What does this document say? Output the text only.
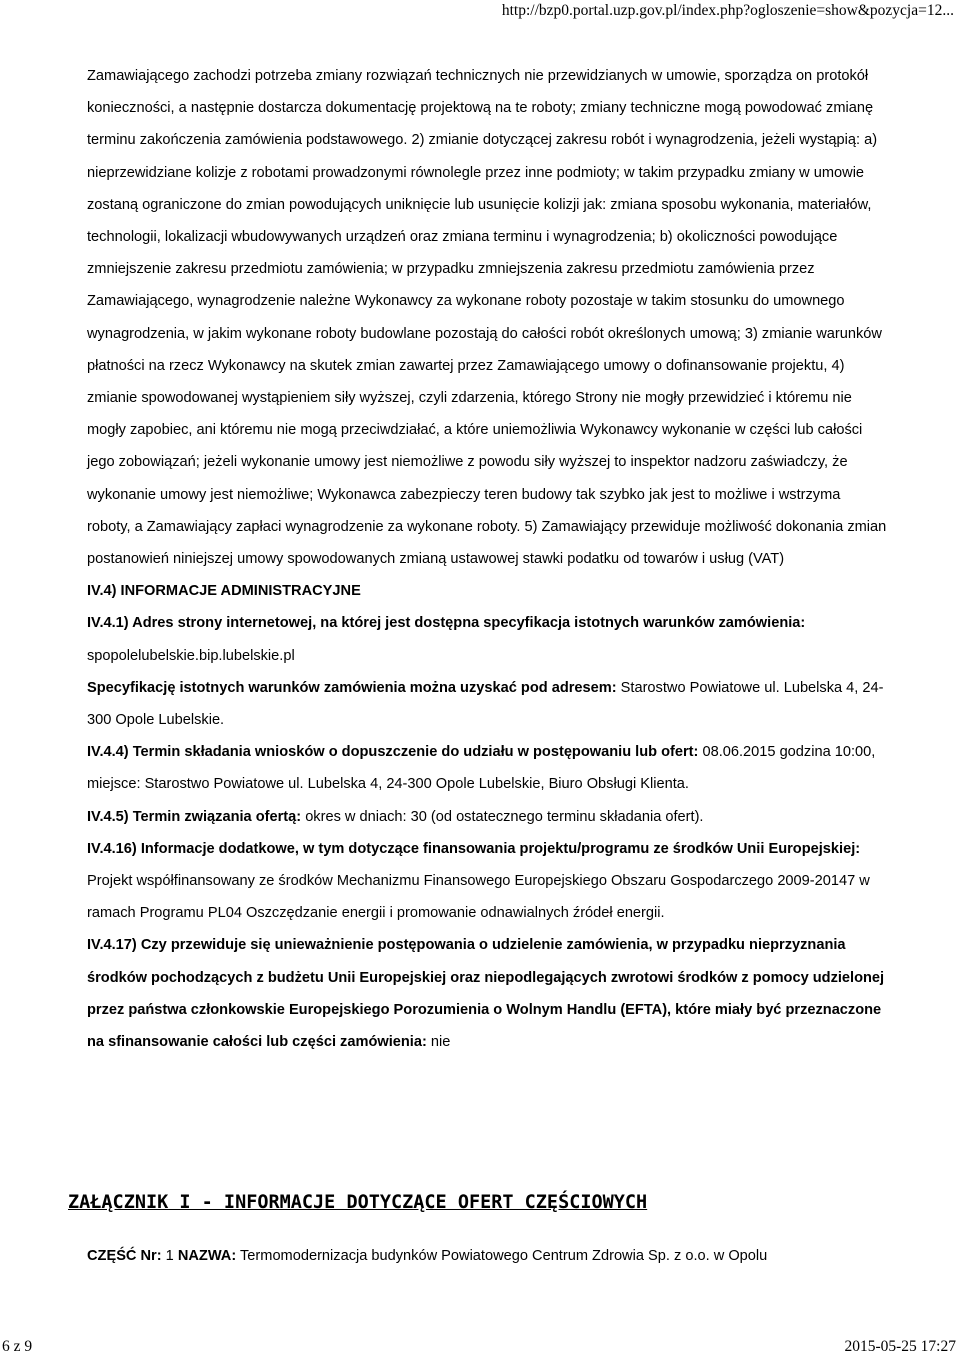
http://bzp0.portal.uzp.gov.pl/index.php?ogloszenie=show&pozycja=12...

Zamawiającego zachodzi potrzeba zmiany rozwiązań technicznych nie przewidzianych w umowie, sporządza on protokół konieczności, a następnie dostarcza dokumentację projektową na te roboty; zmiany techniczne mogą powodować zmianę terminu zakończenia zamówienia podstawowego. 2) zmianie dotyczącej zakresu robót i wynagrodzenia, jeżeli wystąpią: a) nieprzewidziane kolizje z robotami prowadzonymi równolegle przez inne podmioty; w takim przypadku zmiany w umowie zostaną ograniczone do zmian powodujących uniknięcie lub usunięcie kolizji jak: zmiana sposobu wykonania, materiałów, technologii, lokalizacji wbudowywanych urządzeń oraz zmiana terminu i wynagrodzenia; b) okoliczności powodujące zmniejszenie zakresu przedmiotu zamówienia; w przypadku zmniejszenia zakresu przedmiotu zamówienia przez Zamawiającego, wynagrodzenie należne Wykonawcy za wykonane roboty pozostaje w takim stosunku do umownego wynagrodzenia, w jakim wykonane roboty budowlane pozostają do całości robót określonych umową; 3) zmianie warunków płatności na rzecz Wykonawcy na skutek zmian zawartej przez Zamawiającego umowy o dofinansowanie projektu, 4) zmianie spowodowanej wystąpieniem siły wyższej, czyli zdarzenia, którego Strony nie mogły przewidzieć i któremu nie mogły zapobiec, ani któremu nie mogą przeciwdziałać, a które uniemożliwia Wykonawcy wykonanie w części lub całości jego zobowiązań; jeżeli wykonanie umowy jest niemożliwe z powodu siły wyższej to inspektor nadzoru zaświadczy, że wykonanie umowy jest niemożliwe; Wykonawca zabezpieczy teren budowy tak szybko jak jest to możliwe i wstrzyma roboty, a Zamawiający zapłaci wynagrodzenie za wykonane roboty. 5) Zamawiający przewiduje możliwość dokonania zmian postanowień niniejszej umowy spowodowanych zmianą ustawowej stawki podatku od towarów i usług (VAT)

IV.4) INFORMACJE ADMINISTRACYJNE

IV.4.1) Adres strony internetowej, na której jest dostępna specyfikacja istotnych warunków zamówienia: spopolelubelskie.bip.lubelskie.pl

Specyfikację istotnych warunków zamówienia można uzyskać pod adresem: Starostwo Powiatowe ul. Lubelska 4, 24-300 Opole Lubelskie.

IV.4.4) Termin składania wniosków o dopuszczenie do udziału w postępowaniu lub ofert: 08.06.2015 godzina 10:00, miejsce: Starostwo Powiatowe ul. Lubelska 4, 24-300 Opole Lubelskie, Biuro Obsługi Klienta.

IV.4.5) Termin związania ofertą: okres w dniach: 30 (od ostatecznego terminu składania ofert).

IV.4.16) Informacje dodatkowe, w tym dotyczące finansowania projektu/programu ze środków Unii Europejskiej: Projekt współfinansowany ze środków Mechanizmu Finansowego Europejskiego Obszaru Gospodarczego 2009-20147 w ramach Programu PL04 Oszczędzanie energii i promowanie odnawialnych źródeł energii.

IV.4.17) Czy przewiduje się unieważnienie postępowania o udzielenie zamówienia, w przypadku nieprzyznania środków pochodzących z budżetu Unii Europejskiej oraz niepodlegających zwrotowi środków z pomocy udzielonej przez państwa członkowskie Europejskiego Porozumienia o Wolnym Handlu (EFTA), które miały być przeznaczone na sfinansowanie całości lub części zamówienia: nie

ZAŁĄCZNIK I - INFORMACJE DOTYCZĄCE OFERT CZĘŚCIOWYCH
CZĘŚĆ Nr: 1 NAZWA: Termomodernizacja budynków Powiatowego Centrum Zdrowia Sp. z o.o. w Opolu
6 z 9	2015-05-25 17:27
